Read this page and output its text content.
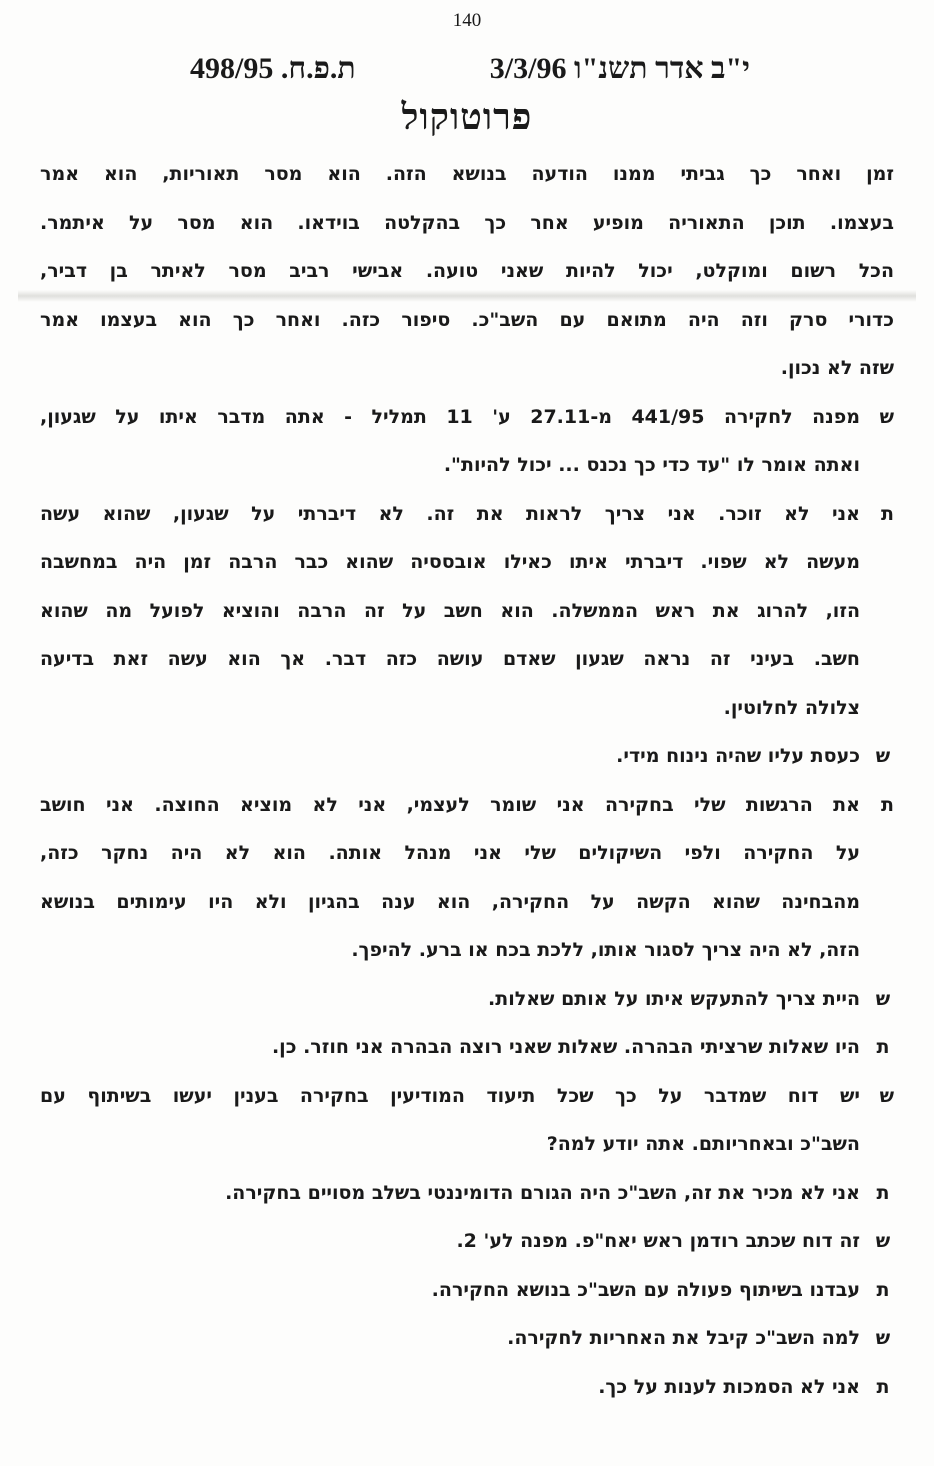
140
י"ב אדר תשנ"ו 3/3/96
ת.פ.ח. 498/95
פרוטוקול
זמן ואחר כך גביתי ממנו הודעה בנושא הזה. הוא מסר תאוריות, הוא אמר
בעצמו. תוכן התאוריה מופיע אחר כך בהקלטה בוידאו. הוא מסר על איתמר.
הכל רשום ומוקלט, יכול להיות שאני טועה. אבישי רביב מסר לאיתר בן דביר,
כדורי סרק וזה היה מתואם עם השב"כ. סיפור כזה. ואחר כך הוא בעצמו אמר
שזה לא נכון.
ש
מפנה לחקירה 441/95 מ-27.11 ע' 11 תמליל - אתה מדבר איתו על שגעון,
ואתה אומר לו "עד כדי כך נכנס ... יכול להיות".
ת
אני לא זוכר. אני צריך לראות את זה. לא דיברתי על שגעון, שהוא עשה
מעשה לא שפוי. דיברתי איתו כאילו אובססיה שהוא כבר הרבה זמן היה במחשבה
הזו, להרוג את ראש הממשלה. הוא חשב על זה הרבה והוציא לפועל מה שהוא
חשב. בעיני זה נראה שגעון שאדם עושה כזה דבר. אך הוא עשה זאת בדיעה
צלולה לחלוטין.
ש
כעסת עליו שהיה נינוח מידי.
ת
את הרגשות שלי בחקירה אני שומר לעצמי, אני לא מוציא החוצה. אני חושב
על החקירה ולפי השיקולים שלי אני מנהל אותה. הוא לא היה נחקר כזה,
מהבחינה שהוא הקשה על החקירה, הוא ענה בהגיון ולא היו עימותים בנושא
הזה, לא היה צריך לסגור אותו, ללכת בכח או ברע. להיפך.
ש
היית צריך להתעקש איתו על אותם שאלות.
ת
היו שאלות שרציתי הבהרה. שאלות שאני רוצה הבהרה אני חוזר. כן.
ש
יש דוח שמדבר על כך שכל תיעוד המודיעין בחקירה בענין יעשו בשיתוף עם
השב"כ ובאחריותם. אתה יודע למה?
ת
אני לא מכיר את זה, השב"כ היה הגורם הדומיננטי בשלב מסויים בחקירה.
ש
זה דוח שכתב רודמן ראש יאח"פ. מפנה לע' 2.
ת
עבדנו בשיתוף פעולה עם השב"כ בנושא החקירה.
ש
למה השב"כ קיבל את האחריות לחקירה.
ת
אני לא הסמכות לענות על כך.
